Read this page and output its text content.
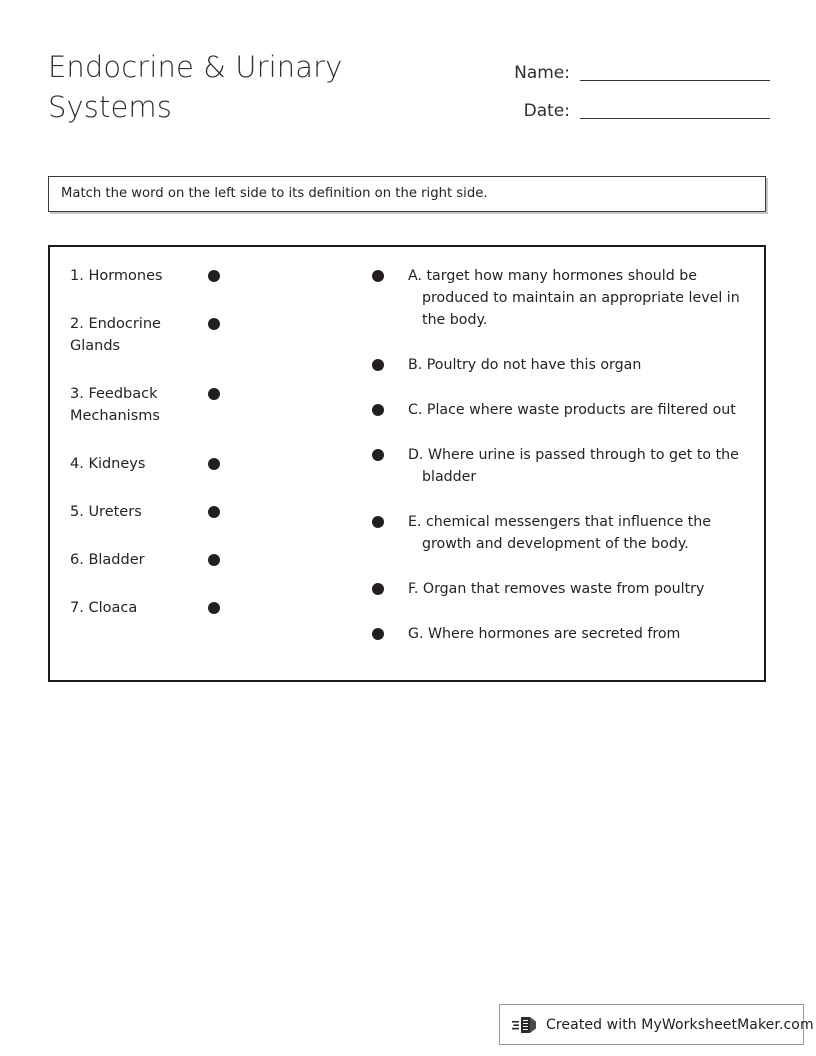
Endocrine & Urinary Systems
Name:
Date:
Match the word on the left side to its definition on the right side.
1. Hormones
2. Endocrine Glands
3. Feedback Mechanisms
4. Kidneys
5. Ureters
6. Bladder
7. Cloaca
A. target how many hormones should be produced to maintain an appropriate level in the body.
B. Poultry do not have this organ
C. Place where waste products are filtered out
D. Where urine is passed through to get to the bladder
E. chemical messengers that influence the growth and development of the body.
F. Organ that removes waste from poultry
G. Where hormones are secreted from
Created with MyWorksheetMaker.com
